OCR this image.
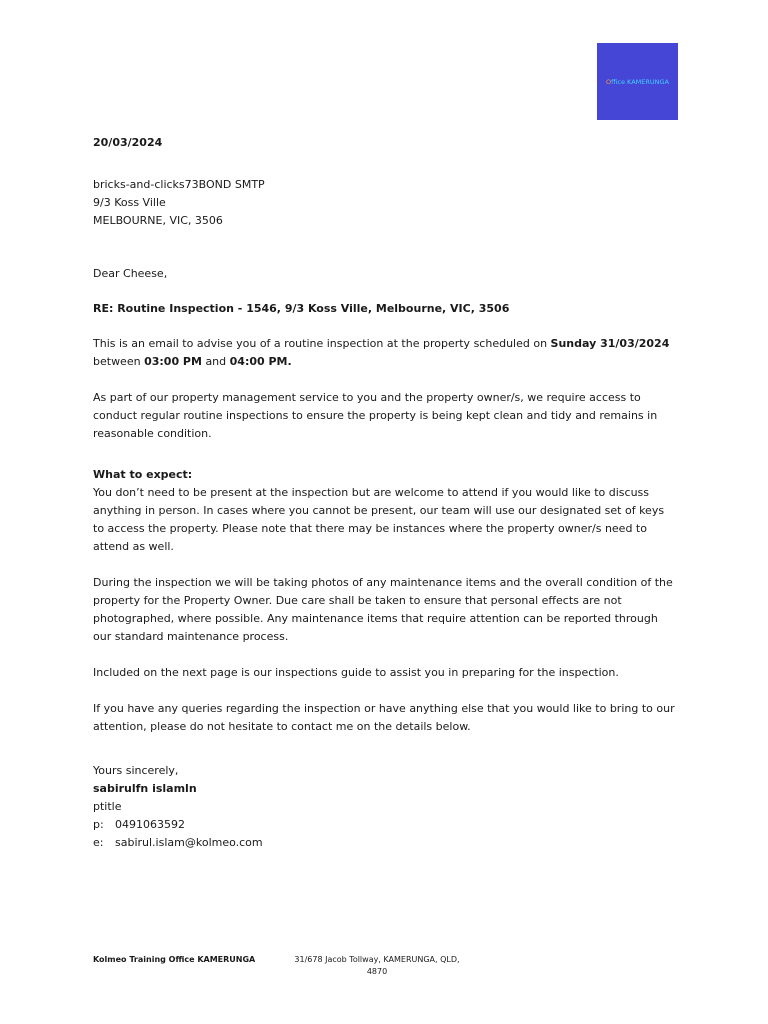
Office KAMERUNGA
20/03/2024
bricks-and-clicks73BOND SMTP
9/3 Koss Ville
MELBOURNE, VIC, 3506
Dear Cheese,
RE: Routine Inspection - 1546, 9/3 Koss Ville, Melbourne, VIC, 3506

This is an email to advise you of a routine inspection at the property scheduled on Sunday 31/03/2024 between 03:00 PM and 04:00 PM.

As part of our property management service to you and the property owner/s, we require access to conduct regular routine inspections to ensure the property is being kept clean and tidy and remains in reasonable condition.

What to expect:

You don’t need to be present at the inspection but are welcome to attend if you would like to discuss anything in person. In cases where you cannot be present, our team will use our designated set of keys to access the property. Please note that there may be instances where the property owner/s need to attend as well.

During the inspection we will be taking photos of any maintenance items and the overall condition of the property for the Property Owner. Due care shall be taken to ensure that personal effects are not photographed, where possible. Any maintenance items that require attention can be reported through our standard maintenance process.

Included on the next page is our inspections guide to assist you in preparing for the inspection.

If you have any queries regarding the inspection or have anything else that you would like to bring to our attention, please do not hesitate to contact me on the details below.

Yours sincerely,
sabirulfn islamln
ptitle
p: 0491063592
e: sabirul.islam@kolmeo.com
Kolmeo Training Office KAMERUNGA	31/678 Jacob Tollway, KAMERUNGA, QLD, 4870
